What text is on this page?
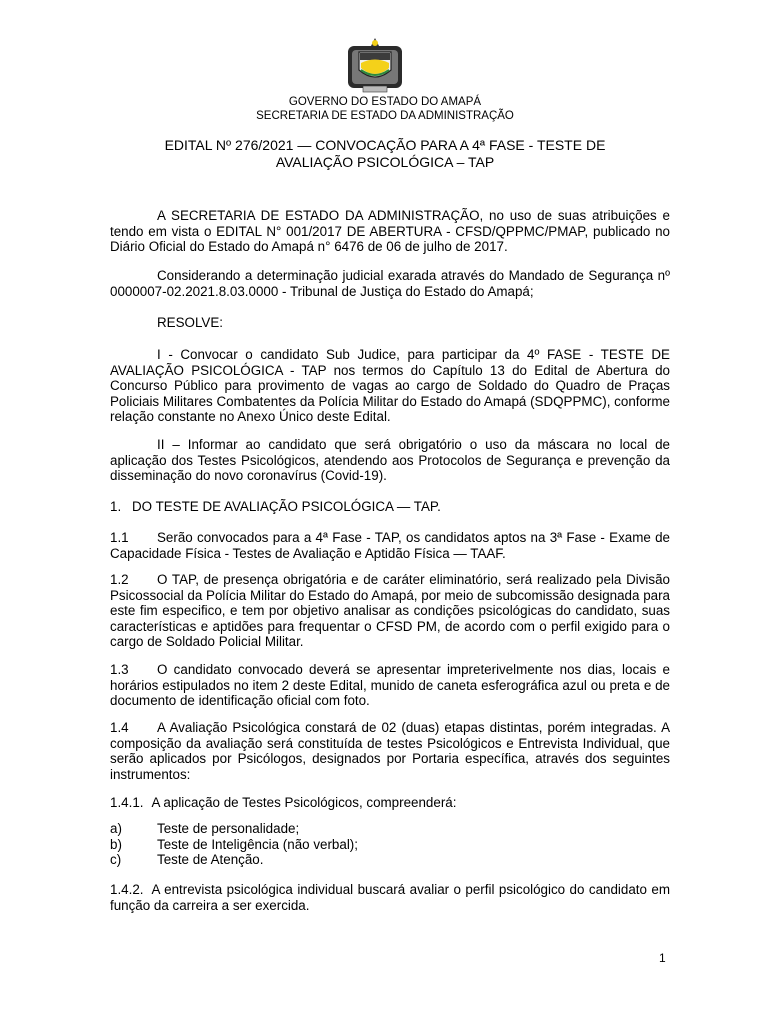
GOVERNO DO ESTADO DO AMAPÁ
SECRETARIA DE ESTADO DA ADMINISTRAÇÃO
EDITAL Nº 276/2021 — CONVOCAÇÃO PARA A 4ª FASE - TESTE DE
AVALIAÇÃO PSICOLÓGICA – TAP
A SECRETARIA DE ESTADO DA ADMINISTRAÇÃO, no uso de suas atribuições e tendo em vista o EDITAL N° 001/2017 DE ABERTURA - CFSD/QPPMC/PMAP, publicado no Diário Oficial do Estado do Amapá n° 6476 de 06 de julho de 2017.
Considerando a determinação judicial exarada através do Mandado de Segurança nº 0000007-02.2021.8.03.0000 - Tribunal de Justiça do Estado do Amapá;
RESOLVE:
I - Convocar o candidato Sub Judice, para participar da 4º FASE - TESTE DE AVALIAÇÃO PSICOLÓGICA - TAP nos termos do Capítulo 13 do Edital de Abertura do Concurso Público para provimento de vagas ao cargo de Soldado do Quadro de Praças Policiais Militares Combatentes da Polícia Militar do Estado do Amapá (SDQPPMC), conforme relação constante no Anexo Único deste Edital.
II – Informar ao candidato que será obrigatório o uso da máscara no local de aplicação dos Testes Psicológicos, atendendo aos Protocolos de Segurança e prevenção da disseminação do novo coronavírus (Covid-19).
1. DO TESTE DE AVALIAÇÃO PSICOLÓGICA — TAP.
1.1 Serão convocados para a 4ª Fase - TAP, os candidatos aptos na 3ª Fase - Exame de Capacidade Física - Testes de Avaliação e Aptidão Física — TAAF.
1.2 O TAP, de presença obrigatória e de caráter eliminatório, será realizado pela Divisão Psicossocial da Polícia Militar do Estado do Amapá, por meio de subcomissão designada para este fim especifico, e tem por objetivo analisar as condições psicológicas do candidato, suas características e aptidões para frequentar o CFSD PM, de acordo com o perfil exigido para o cargo de Soldado Policial Militar.
1.3 O candidato convocado deverá se apresentar impreterivelmente nos dias, locais e horários estipulados no item 2 deste Edital, munido de caneta esferográfica azul ou preta e de documento de identificação oficial com foto.
1.4 A Avaliação Psicológica constará de 02 (duas) etapas distintas, porém integradas. A composição da avaliação será constituída de testes Psicológicos e Entrevista Individual, que serão aplicados por Psicólogos, designados por Portaria específica, através dos seguintes instrumentos:
1.4.1. A aplicação de Testes Psicológicos, compreenderá:
a)	Teste de personalidade;
b)	Teste de Inteligência (não verbal);
c)	Teste de Atenção.
1.4.2. A entrevista psicológica individual buscará avaliar o perfil psicológico do candidato em função da carreira a ser exercida.
1
